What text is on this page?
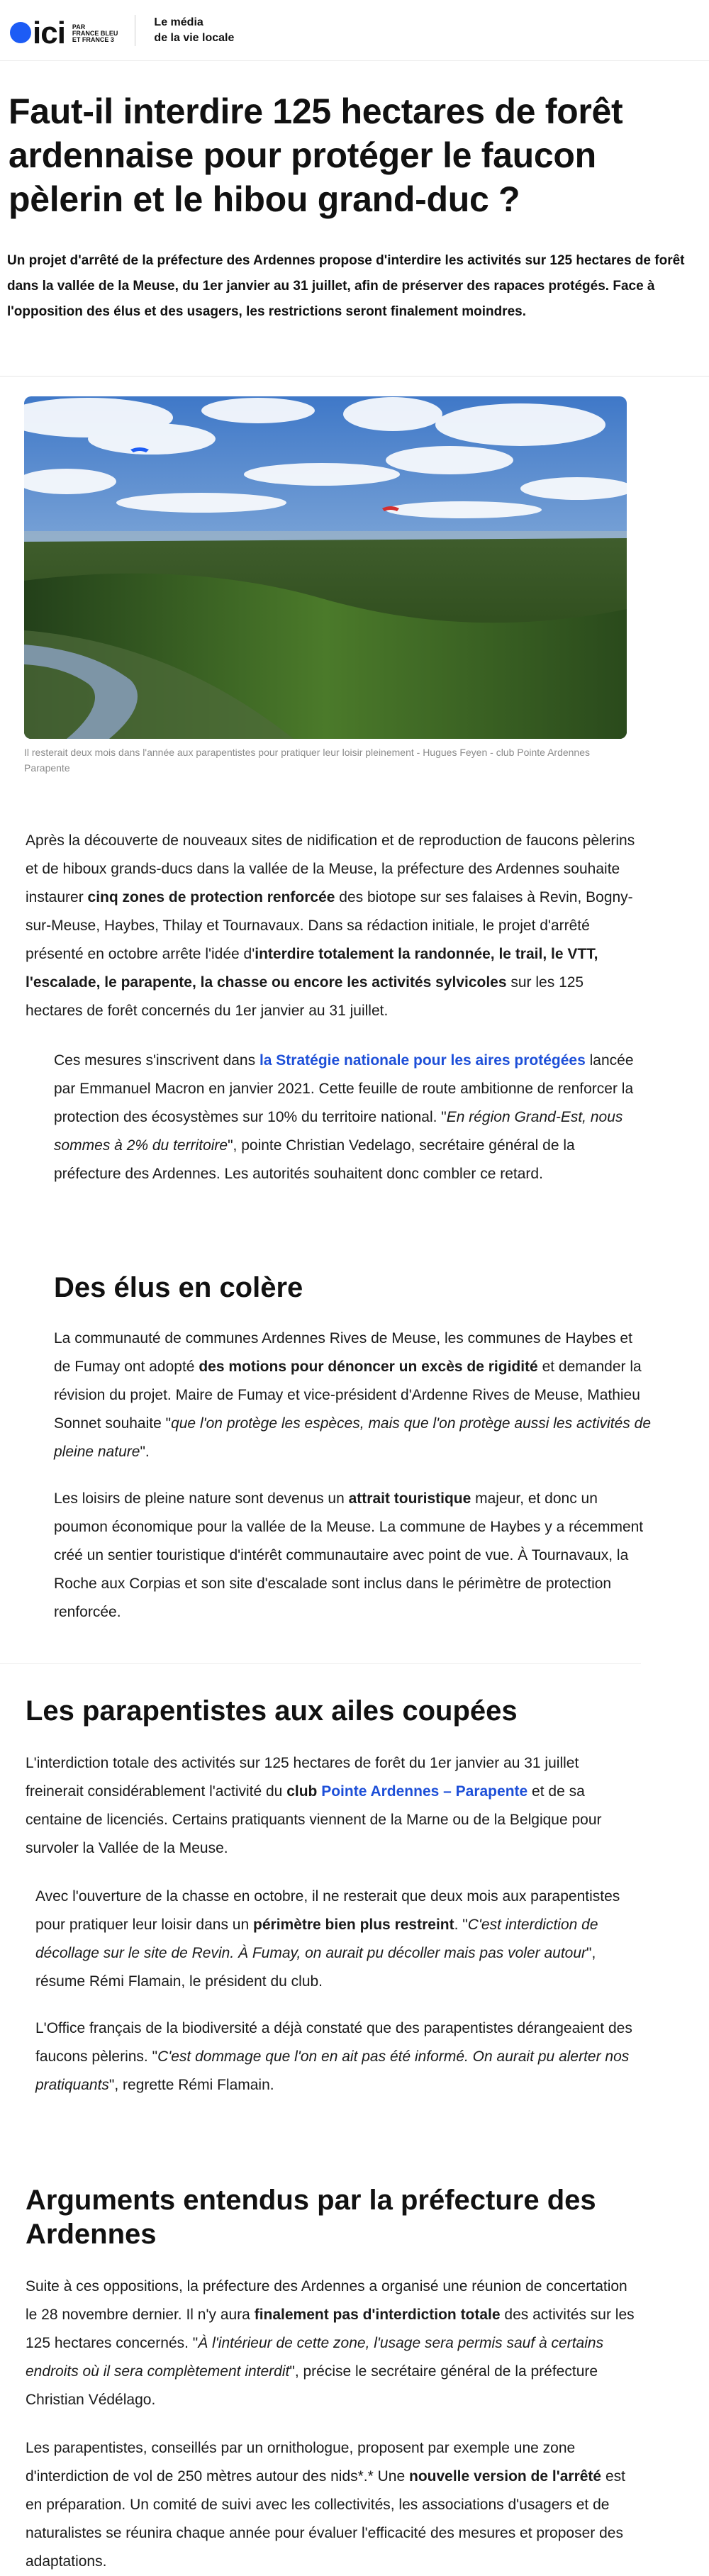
ici PAR
FRANCE BLEU
ET FRANCE 3
Le média
de la vie locale
Faut-il interdire 125 hectares de forêt ardennaise pour protéger le faucon pèlerin et le hibou grand-duc ?

Un projet d'arrêté de la préfecture des Ardennes propose d'interdire les activités sur 125 hectares de forêt dans la vallée de la Meuse, du 1er janvier au 31 juillet, afin de préserver des rapaces protégés. Face à l'opposition des élus et des usagers, les restrictions seront finalement moindres.

Il resterait deux mois dans l'année aux parapentistes pour pratiquer leur loisir pleinement - Hugues Feyen - club Pointe Ardennes Parapente

Après la découverte de nouveaux sites de nidification et de reproduction de faucons pèlerins et de hiboux grands-ducs dans la vallée de la Meuse, la préfecture des Ardennes souhaite instaurer cinq zones de protection renforcée des biotope sur ses falaises à Revin, Bogny-sur-Meuse, Haybes, Thilay et Tournavaux. Dans sa rédaction initiale, le projet d'arrêté présenté en octobre arrête l'idée d'interdire totalement la randonnée, le trail, le VTT, l'escalade, le parapente, la chasse ou encore les activités sylvicoles sur les 125 hectares de forêt concernés du 1er janvier au 31 juillet.

Ces mesures s'inscrivent dans la Stratégie nationale pour les aires protégées lancée par Emmanuel Macron en janvier 2021. Cette feuille de route ambitionne de renforcer la protection des écosystèmes sur 10% du territoire national. "En région Grand-Est, nous sommes à 2% du territoire", pointe Christian Vedelago, secrétaire général de la préfecture des Ardennes. Les autorités souhaitent donc combler ce retard.

Des élus en colère

La communauté de communes Ardennes Rives de Meuse, les communes de Haybes et de Fumay ont adopté des motions pour dénoncer un excès de rigidité et demander la révision du projet. Maire de Fumay et vice-président d'Ardenne Rives de Meuse, Mathieu Sonnet souhaite "que l'on protège les espèces, mais que l'on protège aussi les activités de pleine nature".

Les loisirs de pleine nature sont devenus un attrait touristique majeur, et donc un poumon économique pour la vallée de la Meuse. La commune de Haybes y a récemment créé un sentier touristique d'intérêt communautaire avec point de vue. À Tournavaux, la Roche aux Corpias et son site d'escalade sont inclus dans le périmètre de protection renforcée.

Les parapentistes aux ailes coupées

L'interdiction totale des activités sur 125 hectares de forêt du 1er janvier au 31 juillet freinerait considérablement l'activité du club Pointe Ardennes – Parapente et de sa centaine de licenciés. Certains pratiquants viennent de la Marne ou de la Belgique pour survoler la Vallée de la Meuse.

Avec l'ouverture de la chasse en octobre, il ne resterait que deux mois aux parapentistes pour pratiquer leur loisir dans un périmètre bien plus restreint. "C'est interdiction de décollage sur le site de Revin. À Fumay, on aurait pu décoller mais pas voler autour", résume Rémi Flamain, le président du club.

L'Office français de la biodiversité a déjà constaté que des parapentistes dérangeaient des faucons pèlerins. "C'est dommage que l'on en ait pas été informé. On aurait pu alerter nos pratiquants", regrette Rémi Flamain.

Arguments entendus par la préfecture des Ardennes

Suite à ces oppositions, la préfecture des Ardennes a organisé une réunion de concertation le 28 novembre dernier. Il n'y aura finalement pas d'interdiction totale des activités sur les 125 hectares concernés. "À l'intérieur de cette zone, l'usage sera permis sauf à certains endroits où il sera complètement interdit", précise le secrétaire général de la préfecture Christian Védélago.

Les parapentistes, conseillés par un ornithologue, proposent par exemple une zone d'interdiction de vol de 250 mètres autour des nids*.* Une nouvelle version de l'arrêté est en préparation. Un comité de suivi avec les collectivités, les associations d'usagers et de naturalistes se réunira chaque année pour évaluer l'efficacité des mesures et proposer des adaptations.
